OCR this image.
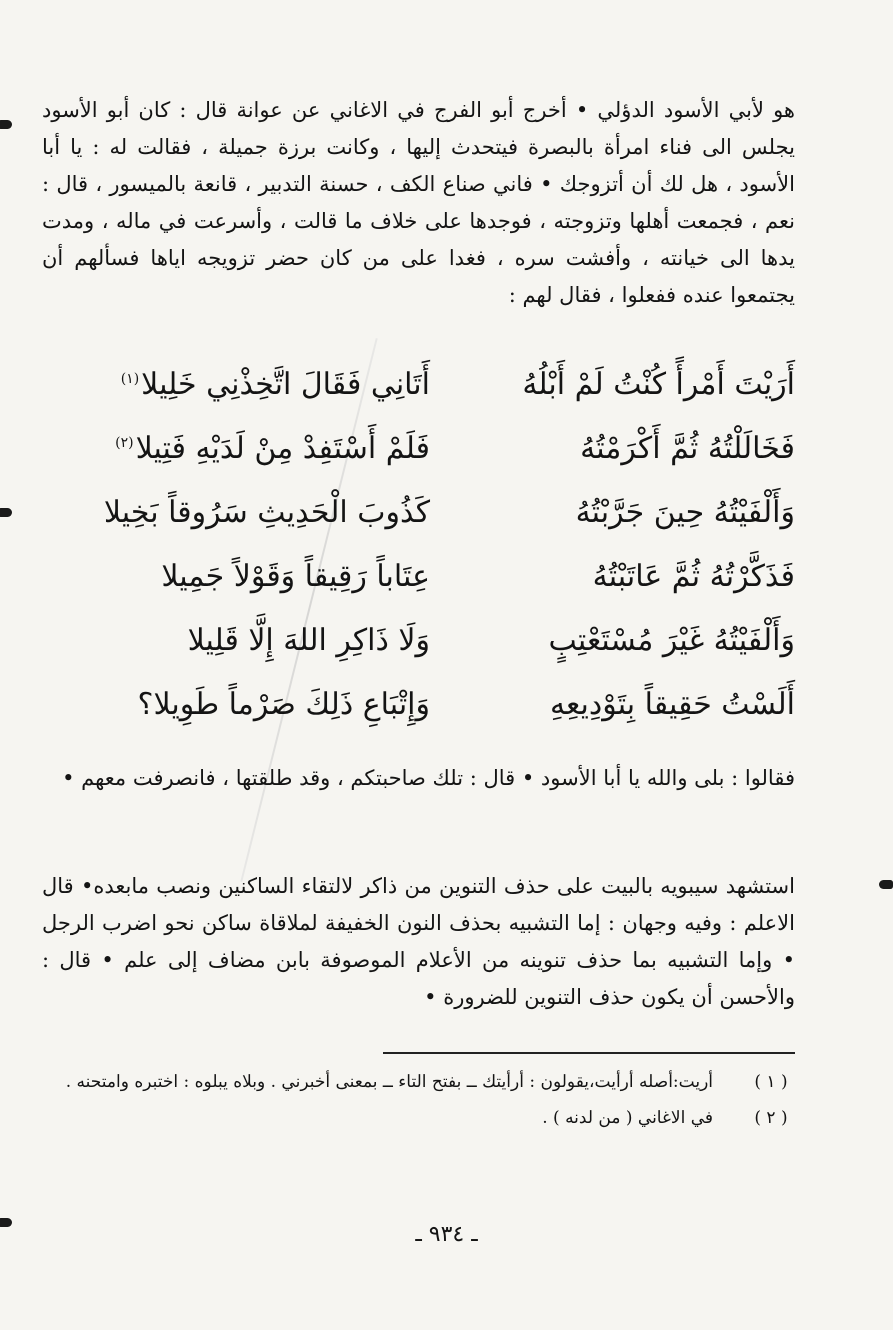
هو لأبي الأسود الدؤلي • أخرج أبو الفرج في الاغاني عن عوانة قال : كان أبو الأسود يجلس الى فناء امرأة بالبصرة فيتحدث إليها ، وكانت برزة جميلة ، فقالت له : يا أبا الأسود ، هل لك أن أتزوجك • فاني صناع الكف ، حسنة التدبير ، قانعة بالميسور ، قال : نعم ، فجمعت أهلها وتزوجته ، فوجدها على خلاف ما قالت ، وأسرعت في ماله ، ومدت يدها الى خيانته ، وأفشت سره ، فغدا على من كان حضر تزويجه اياها فسألهم أن يجتمعوا عنده ففعلوا ، فقال لهم :

أَرَيْتَ أَمْرأً كُنْتُ لَمْ أَبْلُهُ
أَتَانِي فَقَالَ اتَّخِذْنِي خَلِيلا$^{(١)}$
فَخَالَلْتُهُ ثُمَّ أَكْرَمْتُهُ
فَلَمْ أَسْتَفِدْ مِنْ لَدَيْهِ فَتِيلا$^{(٢)}$
وَأَلْفَيْتُهُ حِينَ جَرَّبْتُهُ
كَذُوبَ الْحَدِيثِ سَرُوقاً بَخِيلا
فَذَكَّرْتُهُ ثُمَّ عَاتَبْتُهُ
عِتَاباً رَقِيقاً وَقَوْلاً جَمِيلا
وَأَلْفَيْتُهُ غَيْرَ مُسْتَعْتِبٍ
وَلَا ذَاكِرِ اللهَ إِلَّا قَلِيلا
أَلَسْتُ حَقِيقاً بِتَوْدِيعِهِ
وَإِتْبَاعِ ذَلِكَ صَرْماً طَوِيلا؟

فقالوا : بلى والله يا أبا الأسود • قال : تلك صاحبتكم ، وقد طلقتها ، فانصرفت معهم •

استشهد سيبويه بالبيت على حذف التنوين من ذاكر لالتقاء الساكنين ونصب مابعده• قال الاعلم : وفيه وجهان : إما التشبيه بحذف النون الخفيفة لملاقاة ساكن نحو اضرب الرجل • وإما التشبيه بما حذف تنوينه من الأعلام الموصوفة بابن مضاف إلى علم • قال : والأحسن أن يكون حذف التنوين للضرورة •

( ١ )
أريت:أصله أرأيت،يقولون : أرأيتك ــ بفتح التاء ــ بمعنى أخبرني . وبلاه يبلوه : اختبره وامتحنه .
( ٢ )
في الاغاني ( من لدنه ) .
ـ ٩٣٤ ـ
